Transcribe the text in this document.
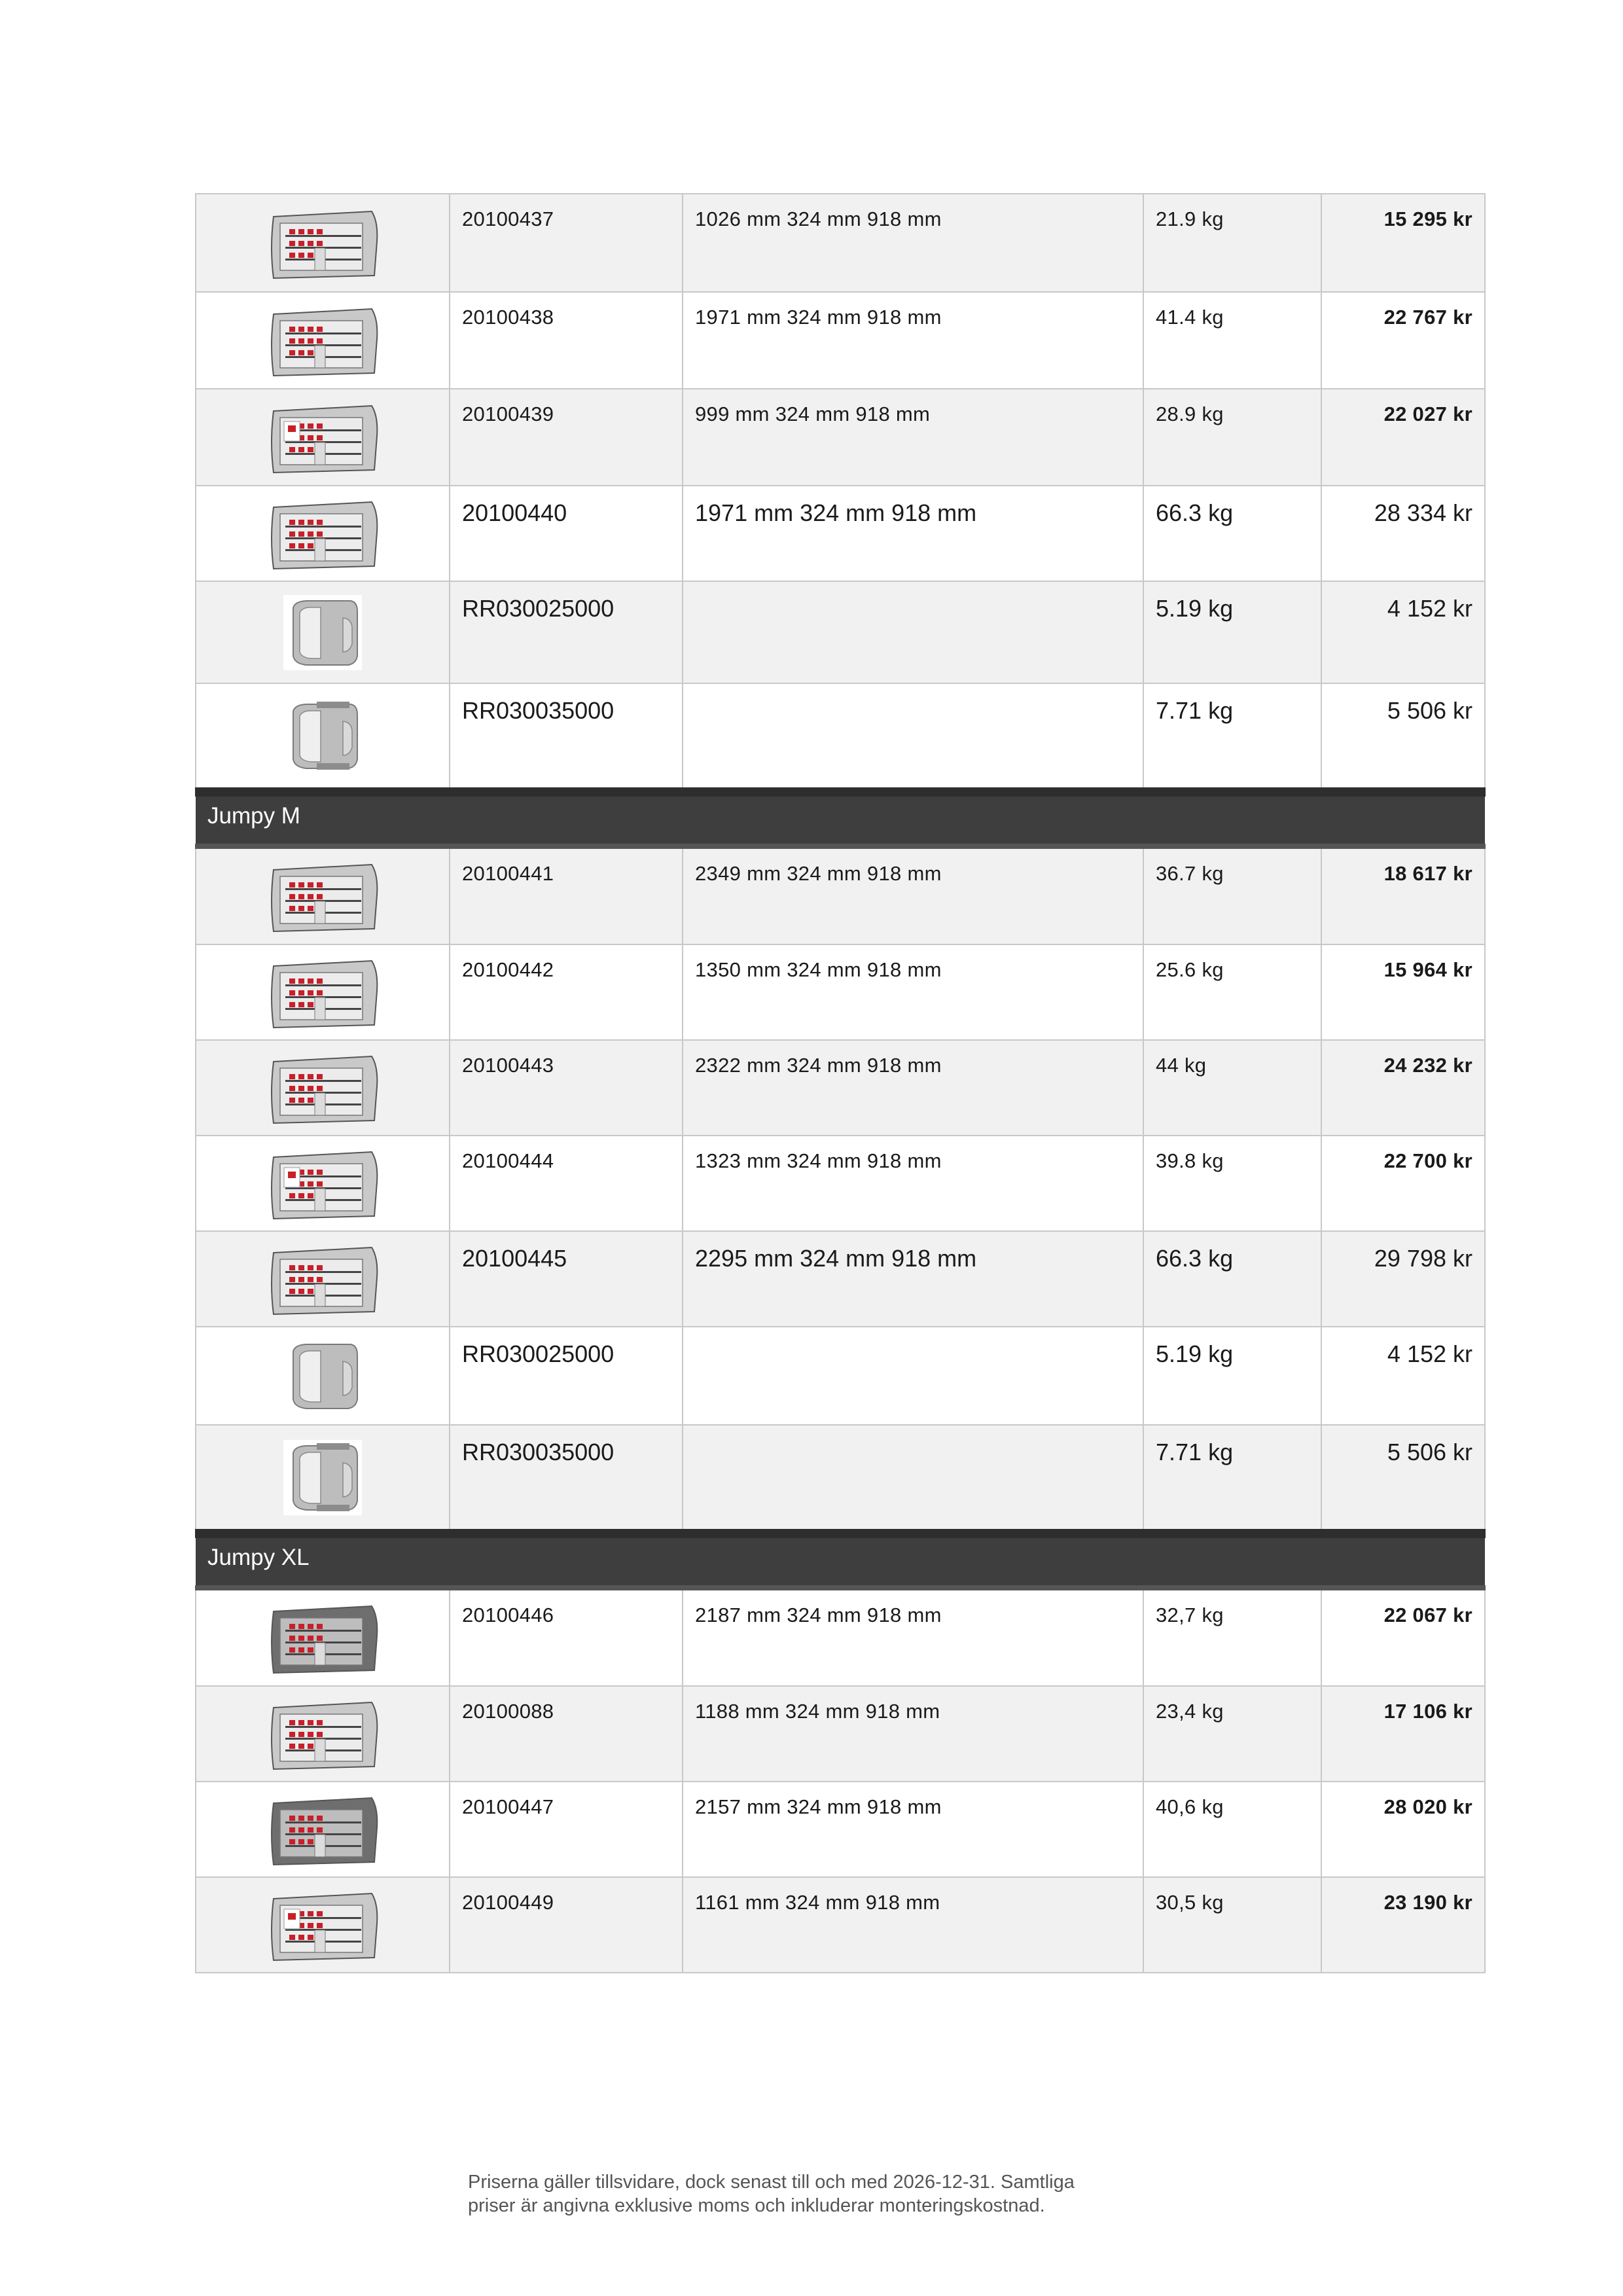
	20100437	1026 mm 324 mm 918 mm	21.9 kg	15 295 kr
	20100438	1971 mm 324 mm 918 mm	41.4 kg	22 767 kr
	20100439	999 mm 324 mm 918 mm	28.9 kg	22 027 kr
	20100440	1971 mm 324 mm 918 mm	66.3 kg	28 334 kr
	RR030025000		5.19 kg	4 152 kr
	RR030035000		7.71 kg	5 506 kr
Jumpy M				
	20100441	2349 mm 324 mm 918 mm	36.7 kg	18 617 kr
	20100442	1350 mm 324 mm 918 mm	25.6 kg	15 964 kr
	20100443	2322 mm 324 mm 918 mm	44 kg	24 232 kr
	20100444	1323 mm 324 mm 918 mm	39.8 kg	22 700 kr
	20100445	2295 mm 324 mm 918 mm	66.3 kg	29 798 kr
	RR030025000		5.19 kg	4 152 kr
	RR030035000		7.71 kg	5 506 kr
Jumpy XL				
	20100446	2187 mm 324 mm 918 mm	32,7 kg	22 067 kr
	20100088	1188 mm 324 mm 918 mm	23,4 kg	17 106 kr
	20100447	2157 mm 324 mm 918 mm	40,6 kg	28 020 kr
	20100449	1161 mm 324 mm 918 mm	30,5 kg	23 190 kr
Priserna gäller tillsvidare, dock senast till och med 2026-12-31. Samtliga
priser är angivna exklusive moms och inkluderar monteringskostnad.
